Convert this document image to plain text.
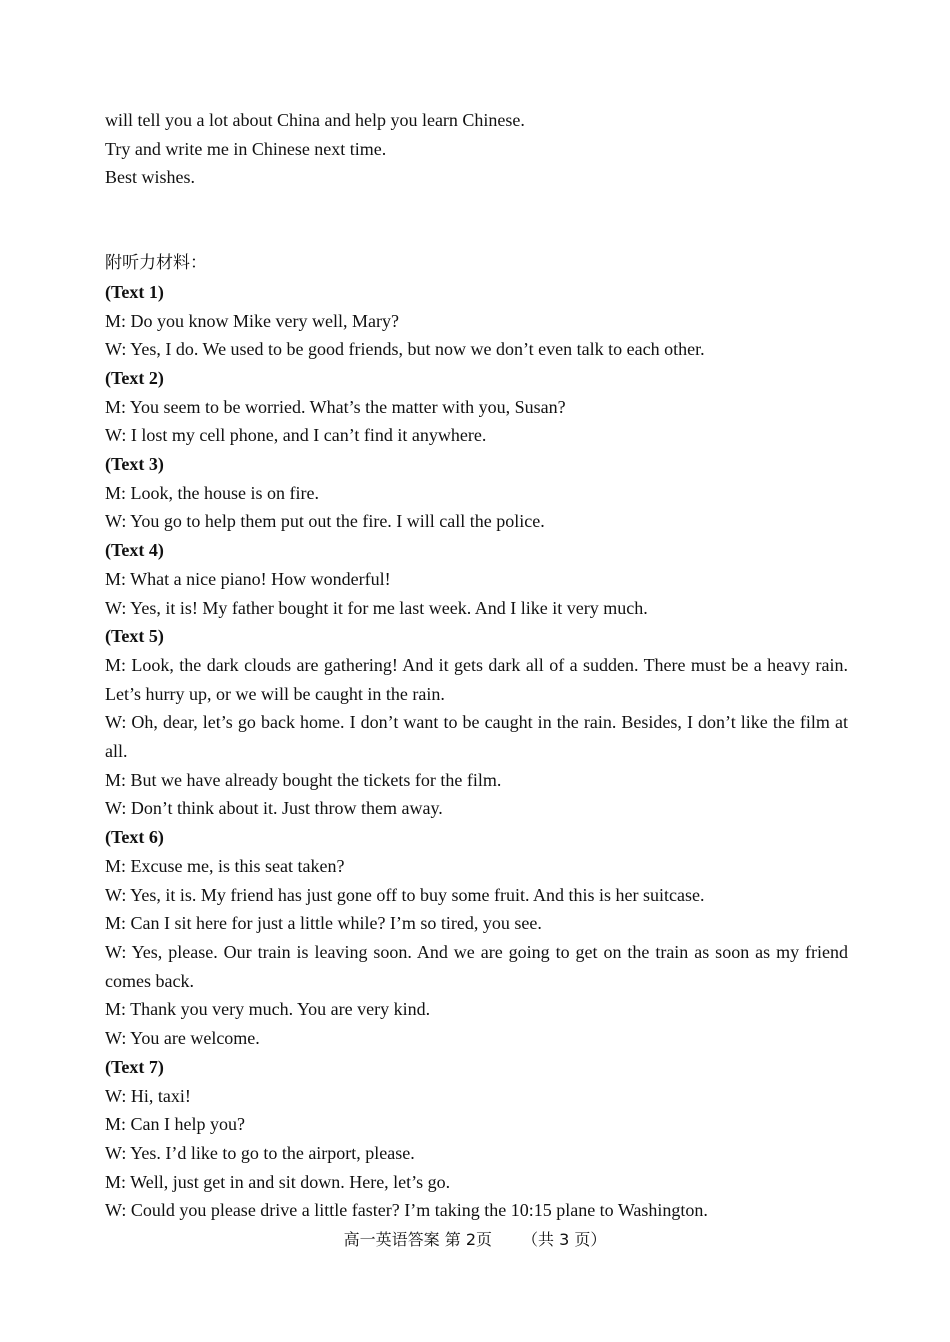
will tell you a lot about China and help you learn Chinese.
Try and write me in Chinese next time.
Best wishes.
附听力材料：
(Text 1)
M: Do you know Mike very well, Mary?
W: Yes, I do. We used to be good friends, but now we don’t even talk to each other.
(Text 2)
M: You seem to be worried. What’s the matter with you, Susan?
W: I lost my cell phone, and I can’t find it anywhere.
(Text 3)
M: Look, the house is on fire.
W: You go to help them put out the fire. I will call the police.
(Text 4)
M: What a nice piano! How wonderful!
W: Yes, it is! My father bought it for me last week. And I like it very much.
(Text 5)
M: Look, the dark clouds are gathering! And it gets dark all of a sudden. There must be a heavy rain. Let’s hurry up, or we will be caught in the rain.
W: Oh, dear, let’s go back home. I don’t want to be caught in the rain. Besides, I don’t like the film at all.
M: But we have already bought the tickets for the film.
W: Don’t think about it. Just throw them away.
(Text 6)
M: Excuse me, is this seat taken?
W: Yes, it is. My friend has just gone off to buy some fruit. And this is her suitcase.
M: Can I sit here for just a little while? I’m so tired, you see.
W: Yes, please. Our train is leaving soon. And we are going to get on the train as soon as my friend comes back.
M: Thank you very much. You are very kind.
W: You are welcome.
(Text 7)
W: Hi, taxi!
M: Can I help you?
W: Yes. I’d like to go to the airport, please.
M: Well, just get in and sit down. Here, let’s go.
W: Could you please drive a little faster? I’m taking the 10:15 plane to Washington.
高一英语答案 第 2页 （共 3 页）
